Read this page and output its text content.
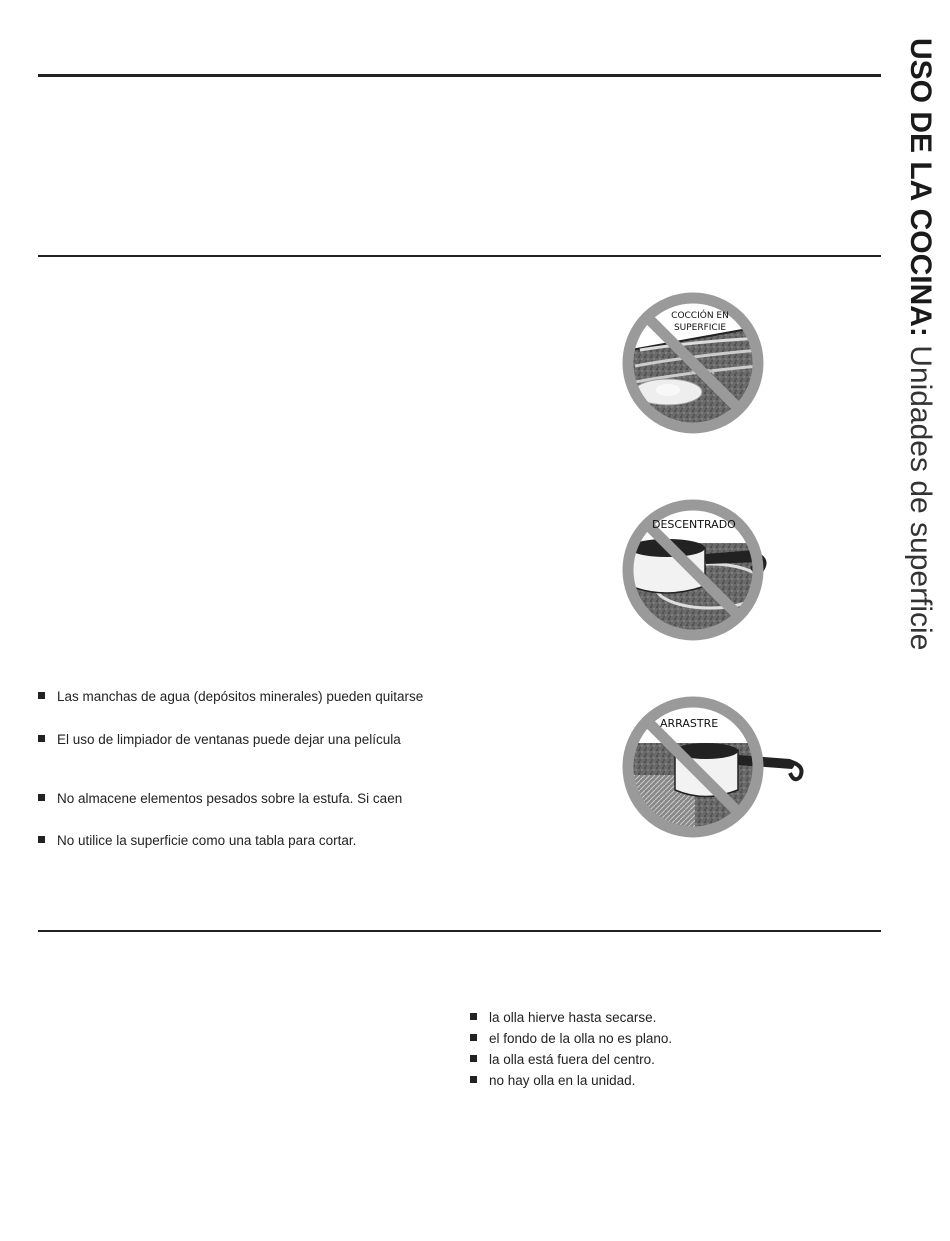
USO DE LA COCINA: Unidades de superficie
Las manchas de agua (depósitos minerales) pueden quitarse
El uso de limpiador de ventanas puede dejar una película
No almacene elementos pesados sobre la estufa. Si caen
No utilice la superficie como una tabla para cortar.
la olla hierve hasta secarse.
el fondo de la olla no es plano.
la olla está fuera del centro.
no hay olla en la unidad.
COCCIÓN EN
SUPERFICIE
DESCENTRADO
ARRASTRE
